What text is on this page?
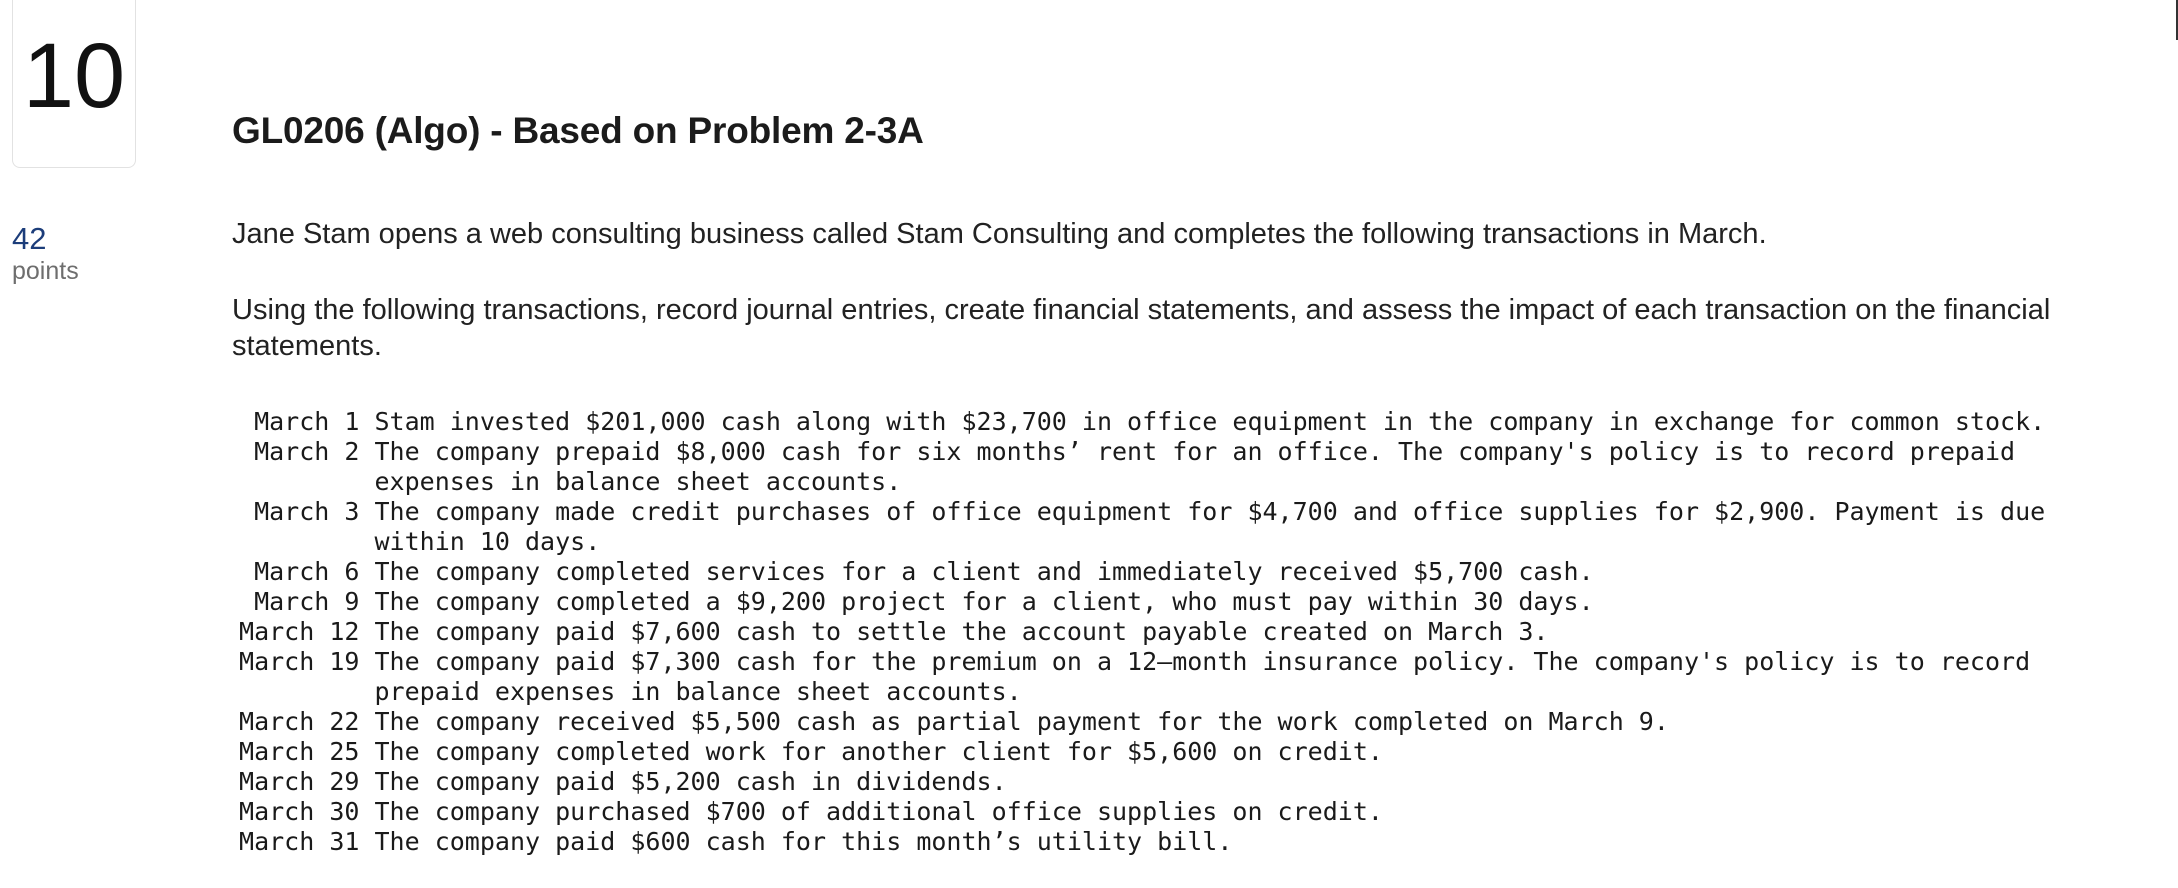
10
42
points
GL0206 (Algo) - Based on Problem 2-3A

Jane Stam opens a web consulting business called Stam Consulting and completes the following transactions in March.

Using the following transactions, record journal entries, create financial statements, and assess the impact of each transaction on the financial statements.

March 1 Stam invested $201,000 cash along with $23,700 in office equipment in the company in exchange for common stock.
March 2 The company prepaid $8,000 cash for six months’ rent for an office. The company's policy is to record prepaid expenses in balance sheet accounts.
March 3 The company made credit purchases of office equipment for $4,700 and office supplies for $2,900. Payment is due within 10 days.
March 6 The company completed services for a client and immediately received $5,700 cash.
March 9 The company completed a $9,200 project for a client, who must pay within 30 days.
March 12 The company paid $7,600 cash to settle the account payable created on March 3.
March 19 The company paid $7,300 cash for the premium on a 12–month insurance policy. The company's policy is to record prepaid expenses in balance sheet accounts.
March 22 The company received $5,500 cash as partial payment for the work completed on March 9.
March 25 The company completed work for another client for $5,600 on credit.
March 29 The company paid $5,200 cash in dividends.
March 30 The company purchased $700 of additional office supplies on credit.
March 31 The company paid $600 cash for this month’s utility bill.
